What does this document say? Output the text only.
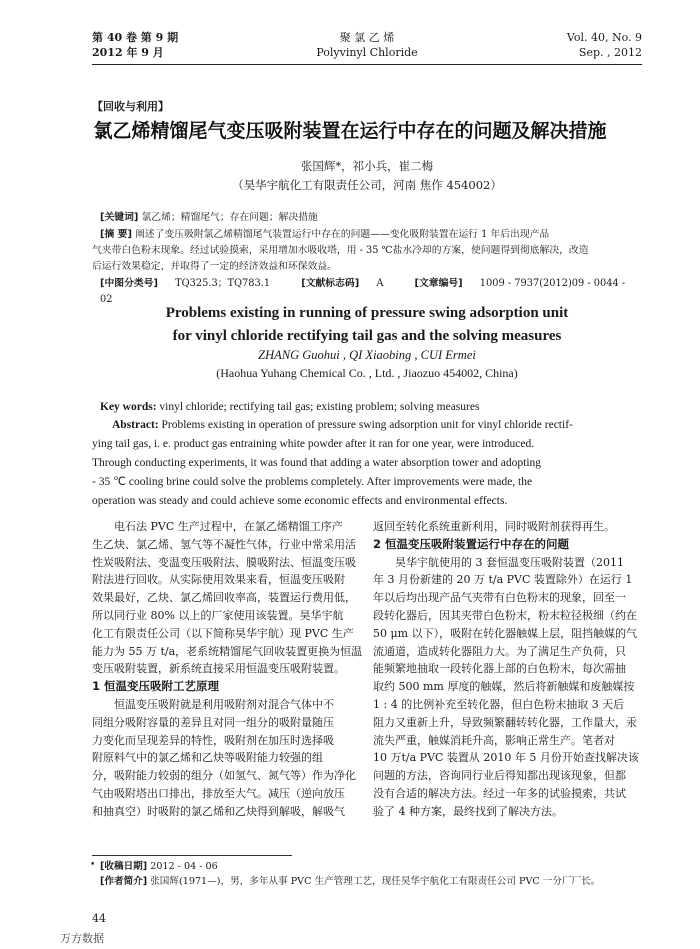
第 40 卷 第 9 期
2012 年 9 月
聚 氯 乙 烯
Polyvinyl Chloride
Vol. 40, No. 9
Sep. , 2012
【回收与利用】
氯乙烯精馏尾气变压吸附装置在运行中存在的问题及解决措施
张国辉*，祁小兵，崔二梅
（昊华宇航化工有限责任公司，河南 焦作 454002）
[关键词] 氯乙烯；精馏尾气；存在问题；解决措施
[摘 要] 阐述了变压吸附氯乙烯精馏尾气装置运行中存在的问题——变化吸附装置在运行 1 年后出现产品
气夹带白色粉末现象。经过试验摸索，采用增加水吸收塔，用 - 35 ℃盐水冷却的方案，使问题得到彻底解决，改造
后运行效果稳定，并取得了一定的经济效益和环保效益。
[中图分类号] TQ325.3；TQ783.1	[文献标志码] A	[文章编号] 1009 - 7937(2012)09 - 0044 - 02
Problems existing in running of pressure swing adsorption unit
for vinyl chloride rectifying tail gas and the solving measures
ZHANG Guohui , QI Xiaobing , CUI Ermei
(Haohua Yuhang Chemical Co. , Ltd. , Jiaozuo 454002, China)
Key words: vinyl chloride; rectifying tail gas; existing problem; solving measures
Abstract: Problems existing in operation of pressure swing adsorption unit for vinyl chloride rectif-
ying tail gas, i. e. product gas entraining white powder after it ran for one year, were introduced.
Through conducting experiments, it was found that adding a water absorption tower and adopting
- 35 ℃ cooling brine could solve the problems completely. After improvements were made, the
operation was steady and could achieve some economic effects and environmental effects.
电石法 PVC 生产过程中，在氯乙烯精馏工序产
生乙炔、氯乙烯、氢气等不凝性气体，行业中常采用活
性炭吸附法、变温变压吸附法、膜吸附法、恒温变压吸
附法进行回收。从实际使用效果来看，恒温变压吸附
效果最好，乙炔、氯乙烯回收率高，装置运行费用低，
所以同行业 80% 以上的厂家使用该装置。昊华宇航
化工有限责任公司（以下简称昊华宇航）现 PVC 生产
能力为 55 万 t/a，老系统精馏尾气回收装置更换为恒温
变压吸附装置，新系统直接采用恒温变压吸附装置。
1 恒温变压吸附工艺原理
恒温变压吸附就是利用吸附剂对混合气体中不
同组分吸附容量的差异且对同一组分的吸附量随压
力变化而呈现差异的特性，吸附剂在加压时选择吸
附原料气中的氯乙烯和乙炔等吸附能力较强的组
分，吸附能力较弱的组分（如氢气、氮气等）作为净化
气由吸附塔出口排出，排放至大气。减压（逆向放压
和抽真空）时吸附的氯乙烯和乙炔得到解吸，解吸气
返回至转化系统重新利用，同时吸附剂获得再生。
2 恒温变压吸附装置运行中存在的问题
昊华宇航使用的 3 套恒温变压吸附装置（2011
年 3 月份新建的 20 万 t/a PVC 装置除外）在运行 1
年以后均出现产品气夹带有白色粉末的现象，回至一
段转化器后，因其夹带白色粉末，粉末粒径极细（约在
50 μm 以下），吸附在转化器触媒上层，阻挡触媒的气
流通道，造成转化器阻力大。为了满足生产负荷，只
能频繁地抽取一段转化器上部的白色粉末，每次需抽
取约 500 mm 厚度的触媒，然后将新触媒和废触媒按
1 : 4 的比例补充至转化器，但白色粉末抽取 3 天后
阻力又重新上升，导致频繁翻转转化器，工作量大，汞
流失严重，触媒消耗升高，影响正常生产。笔者对
10 万t/a PVC 装置从 2010 年 5 月份开始查找解决该
问题的方法，咨询同行业后得知都出现该现象，但都
没有合适的解决方法。经过一年多的试验摸索，共试
验了 4 种方案，最终找到了解决方法。
• [收稿日期] 2012 - 04 - 06
[作者简介] 张国辉(1971—)，男，多年从事 PVC 生产管理工艺，现任昊华宇航化工有限责任公司 PVC 一分厂厂长。
44
万方数据
